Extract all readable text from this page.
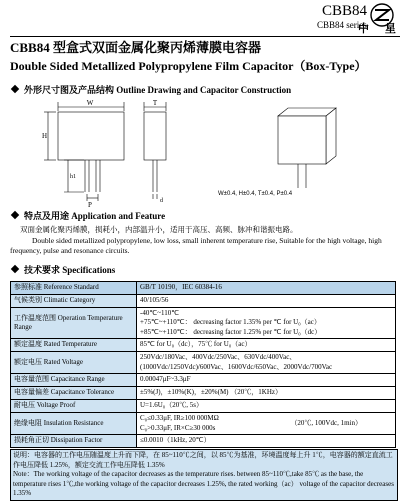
CBB84
CBB84 series
中 星
CBB84 型盒式双面金属化聚丙烯薄膜电容器
Double Sided Metallized Polypropylene Film Capacitor（Box-Type）
外形尺寸图及产品结构 Outline Drawing and Capacitor Construction
W
H
h1
P
T
d
W±0.4, H±0.4, T±0.4, P±0.4
特点及用途 Application and Feature
双面金属化聚丙烯膜，损耗小，内部温升小，适用于高压、高频、脉冲和谐振电路。
Double sided metallized polypropylene, low loss, small inherent temperature rise, Suitable for the high voltage, high frequency, pulse and resonance circuits.
技术要求 Specifications
参照标准 Reference Standard	GB/T 10190，IEC 60384-16
气候类别 Climatic Category	40/105/56
工作温度范围 Operation Temperature Range	-40℃~110℃
+75℃~+110℃： decreasing factor 1.35% per ℃ for U₀（ac）
+85℃~+110℃： decreasing factor 1.25% per ℃ for U₀（dc）

额定温度 Rated Temperature	85℃ for U₀（dc），75℃ for U₀（ac）
额定电压 Rated Voltage	250Vdc/180Vac、400Vdc/250Vac、630Vdc/400Vac、
(1000Vdc/1250Vdc)/600Vac、1600Vdc/650Vac、2000Vdc/700Vac

电容量范围 Capacitance Range	0.00047μF~3.3μF
电容量偏差 Capacitance Tolerance	±5%(J)，±10%(K)，±20%(M) （20℃，1KHz）
耐电压 Voltage Proof	U=1.6U₀（20℃, 5s）
绝缘电阻 Insulation Resistance	C₀≤0.33μF, IR≥100 000MΩ
C₀>0.33μF, IR×C≥30 000s
（20℃, 100Vdc, 1min）

损耗角正切 Dissipation Factor	≤0.0010（1kHz, 20℃）
说明：电容器的工作电压随温度上升而下降，在 85~110℃之间，以 85℃为基准，环境温度每上升 1℃，电容器的额定直流工作电压降低 1.25%，额定交流工作电压降低 1.35%
Note：The working voltage of the capacitor decreases as the temperature rises. between 85~110℃,take 85℃ as the base, the temperature rises 1℃,the working voltage of the capacitor decreases 1.25%, the rated working（ac） voltage of the capacitor decreases 1.35%
